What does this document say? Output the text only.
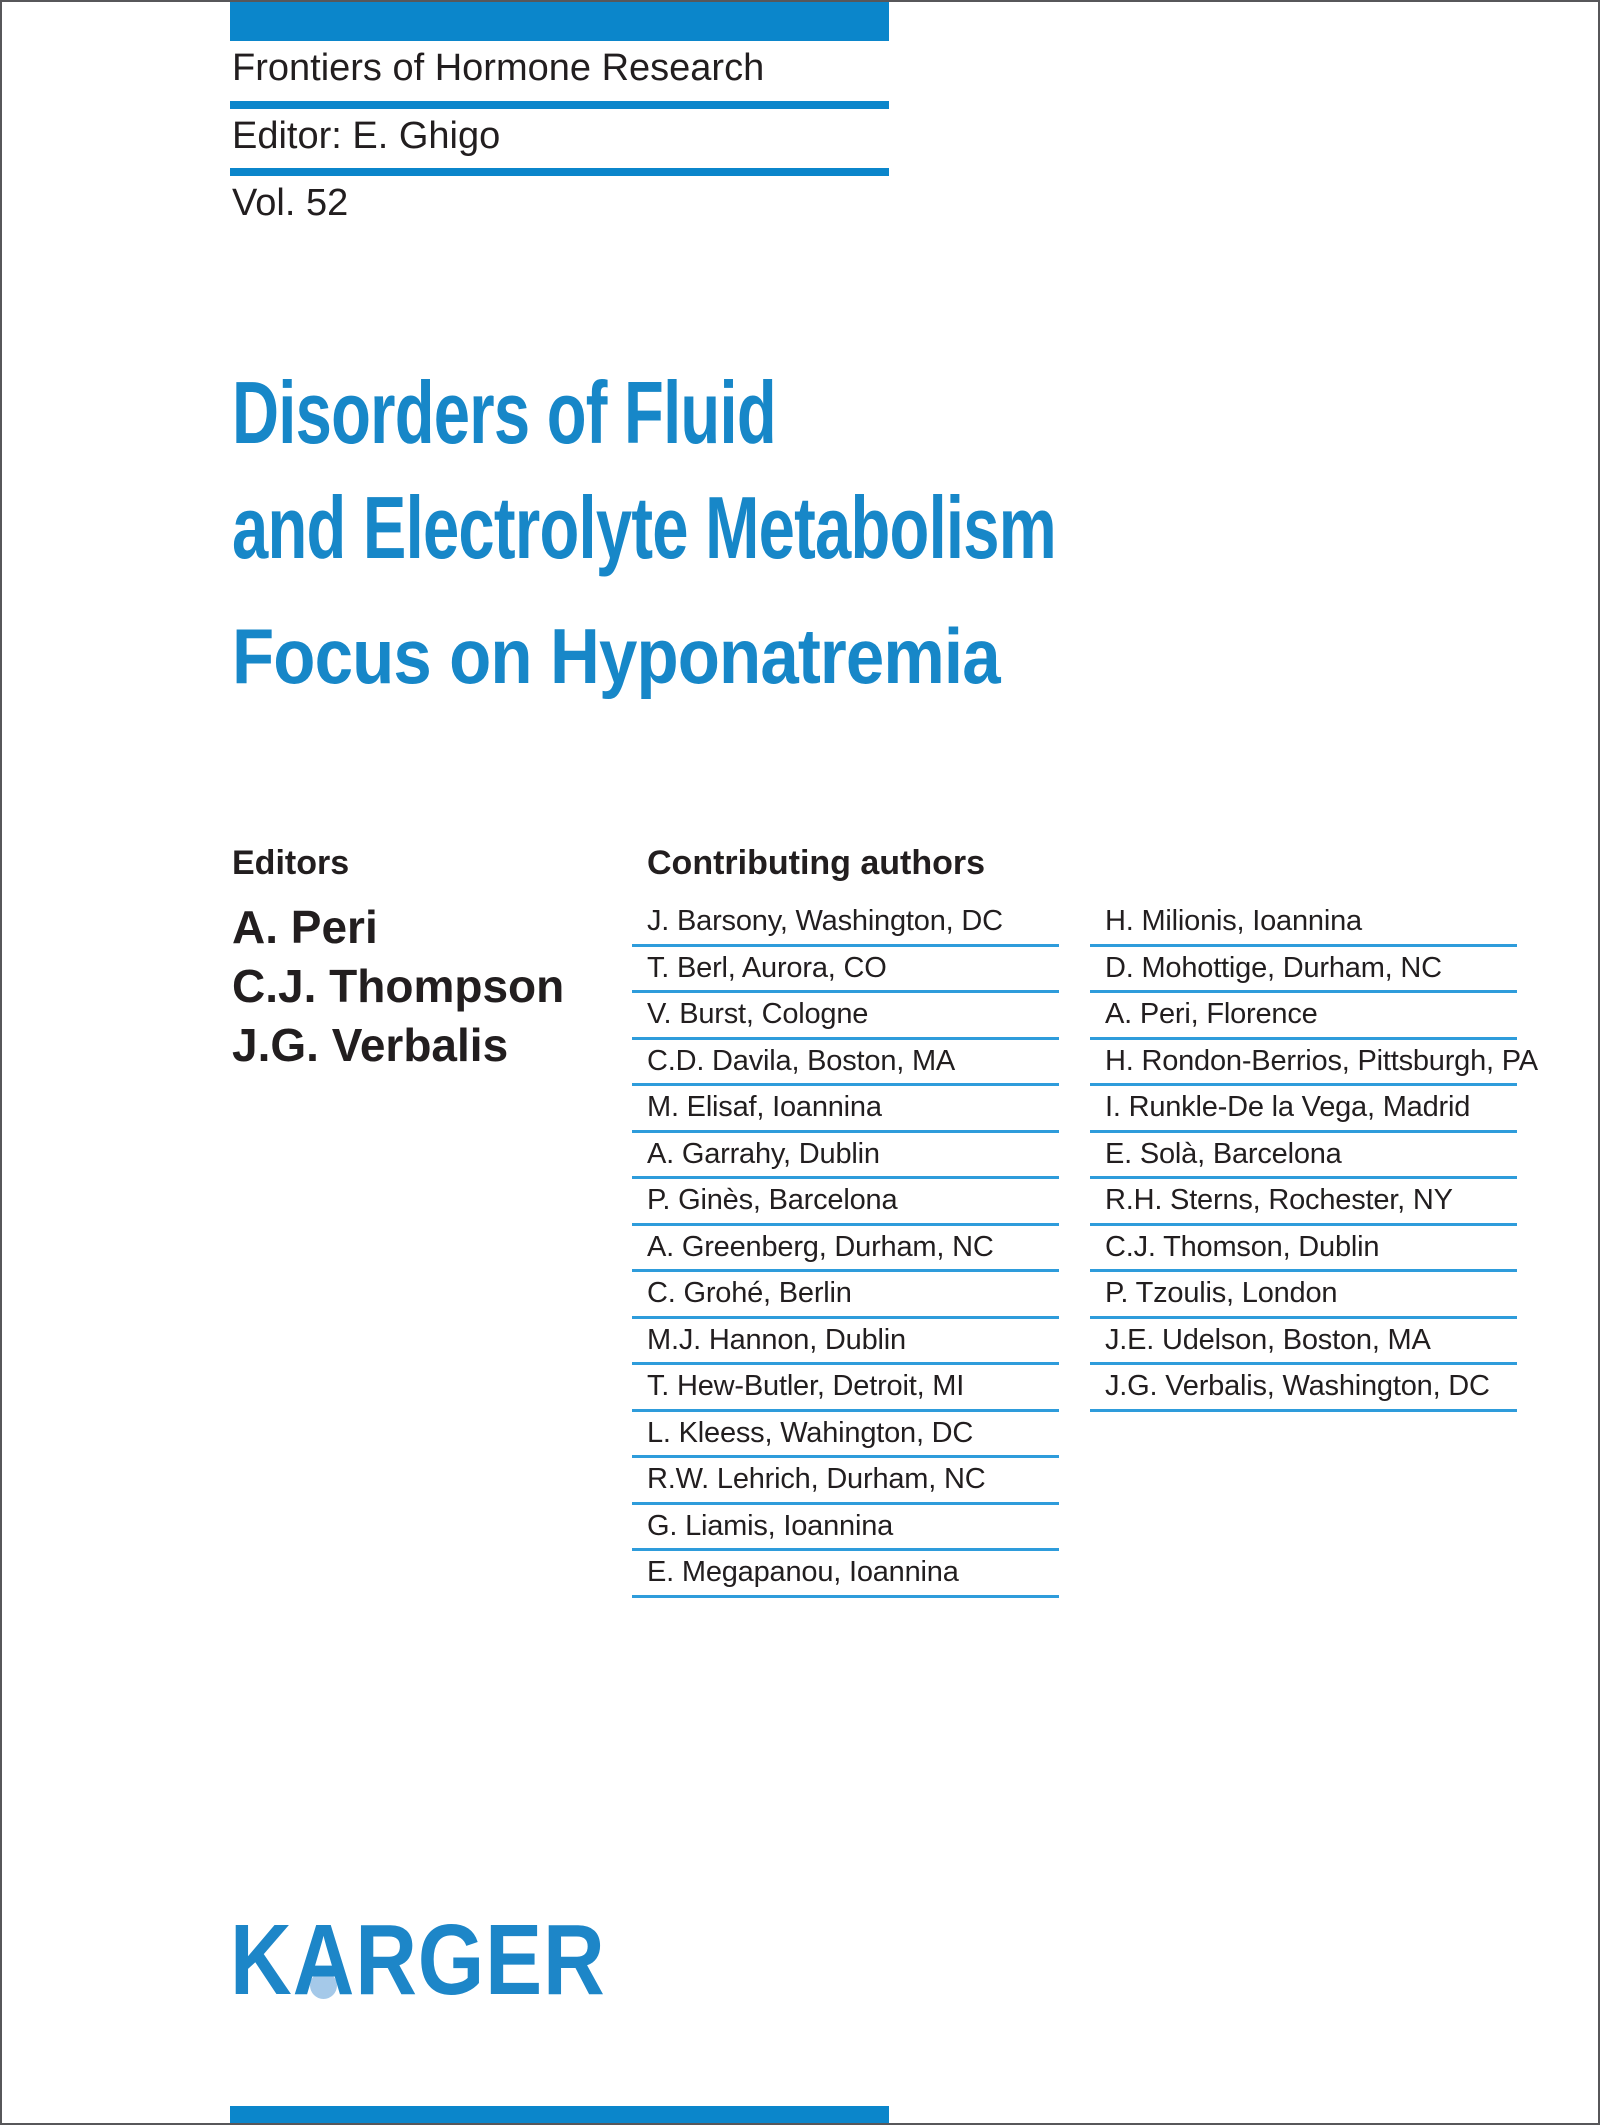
Frontiers of Hormone Research
Editor: E. Ghigo
Vol. 52
Disorders of Fluid
and Electrolyte Metabolism
Focus on Hyponatremia
Editors
A. Peri
C.J. Thompson
J.G. Verbalis
Contributing authors
J. Barsony, Washington, DC
T. Berl, Aurora, CO
V. Burst, Cologne
C.D. Davila, Boston, MA
M. Elisaf, Ioannina
A. Garrahy, Dublin
P. Ginès, Barcelona
A. Greenberg, Durham, NC
C. Grohé, Berlin
M.J. Hannon, Dublin
T. Hew-Butler, Detroit, MI
L. Kleess, Wahington, DC
R.W. Lehrich, Durham, NC
G. Liamis, Ioannina
E. Megapanou, Ioannina
H. Milionis, Ioannina
D. Mohottige, Durham, NC
A. Peri, Florence
H. Rondon-Berrios, Pittsburgh, PA
I. Runkle-De la Vega, Madrid
E. Solà, Barcelona
R.H. Sterns, Rochester, NY
C.J. Thomson, Dublin
P. Tzoulis, London
J.E. Udelson, Boston, MA
J.G. Verbalis, Washington, DC
KARGER
